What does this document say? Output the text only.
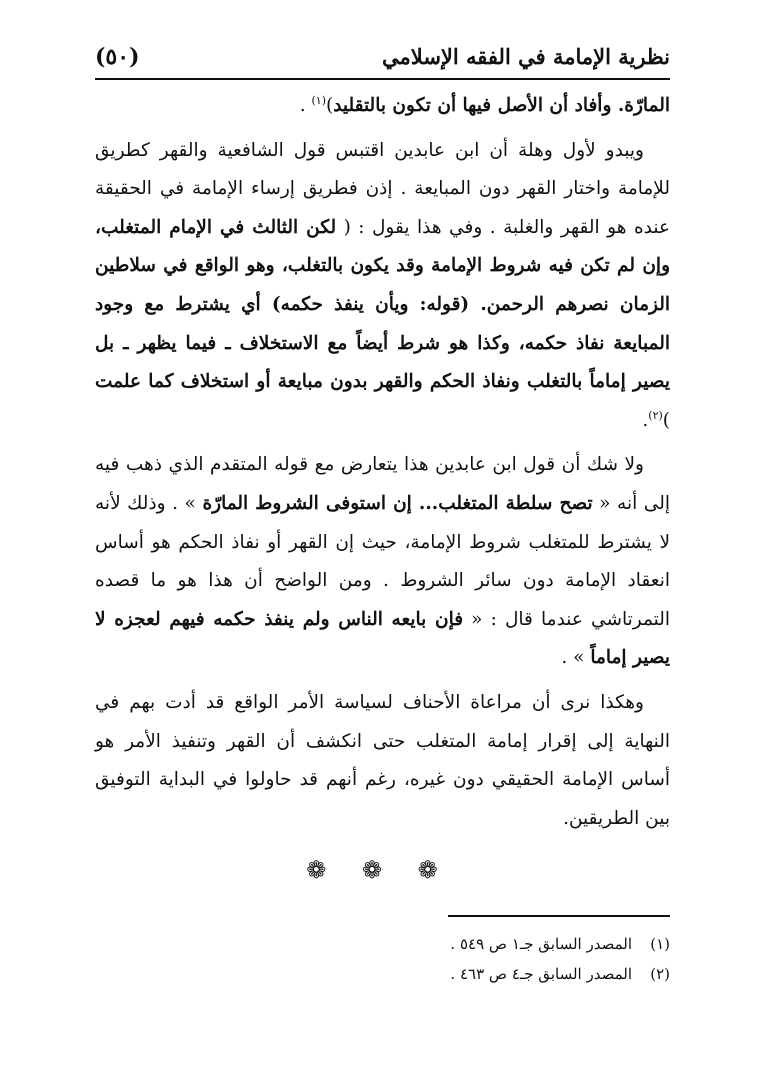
(٥٠)	نظرية الإمامة في الفقه الإسلامي

المارّة. وأفاد أن الأصل فيها أن تكون بالتقليد)$^{(١)}$ .

ويبدو لأول وهلة أن ابن عابدين اقتبس قول الشافعية والقهر كطريق للإمامة واختار القهر دون المبايعة . إذن فطريق إرساء الإمامة في الحقيقة عنده هو القهر والغلبة . وفي هذا يقول : ( لكن الثالث في الإمام المتغلب، وإن لم تكن فيه شروط الإمامة وقد يكون بالتغلب، وهو الواقع في سلاطين الزمان نصرهم الرحمن. (قوله: ويأن ينفذ حكمه) أي يشترط مع وجود المبايعة نفاذ حكمه، وكذا هو شرط أيضاً مع الاستخلاف ـ فيما يظهر ـ بل يصير إماماً بالتغلب ونفاذ الحكم والقهر بدون مبايعة أو استخلاف كما علمت )$^{(٢)}$.

ولا شك أن قول ابن عابدين هذا يتعارض مع قوله المتقدم الذي ذهب فيه إلى أنه « تصح سلطة المتغلب... إن استوفى الشروط المارّة » . وذلك لأنه لا يشترط للمتغلب شروط الإمامة، حيث إن القهر أو نفاذ الحكم هو أساس انعقاد الإمامة دون سائر الشروط . ومن الواضح أن هذا هو ما قصده التمرتاشي عندما قال : « فإن بايعه الناس ولم ينفذ حكمه فيهم لعجزه لا يصير إماماً » .

وهكذا نرى أن مراعاة الأحناف لسياسة الأمر الواقع قد أدت بهم في النهاية إلى إقرار إمامة المتغلب حتى انكشف أن القهر وتنفيذ الأمر هو أساس الإمامة الحقيقي دون غيره، رغم أنهم قد حاولوا في البداية التوفيق بين الطريقين.

❁ ❁ ❁
(١)المصدر السابق جـ١ ص ٥٤٩ .
(٢)المصدر السابق جـ٤ ص ٤٦٣ .
